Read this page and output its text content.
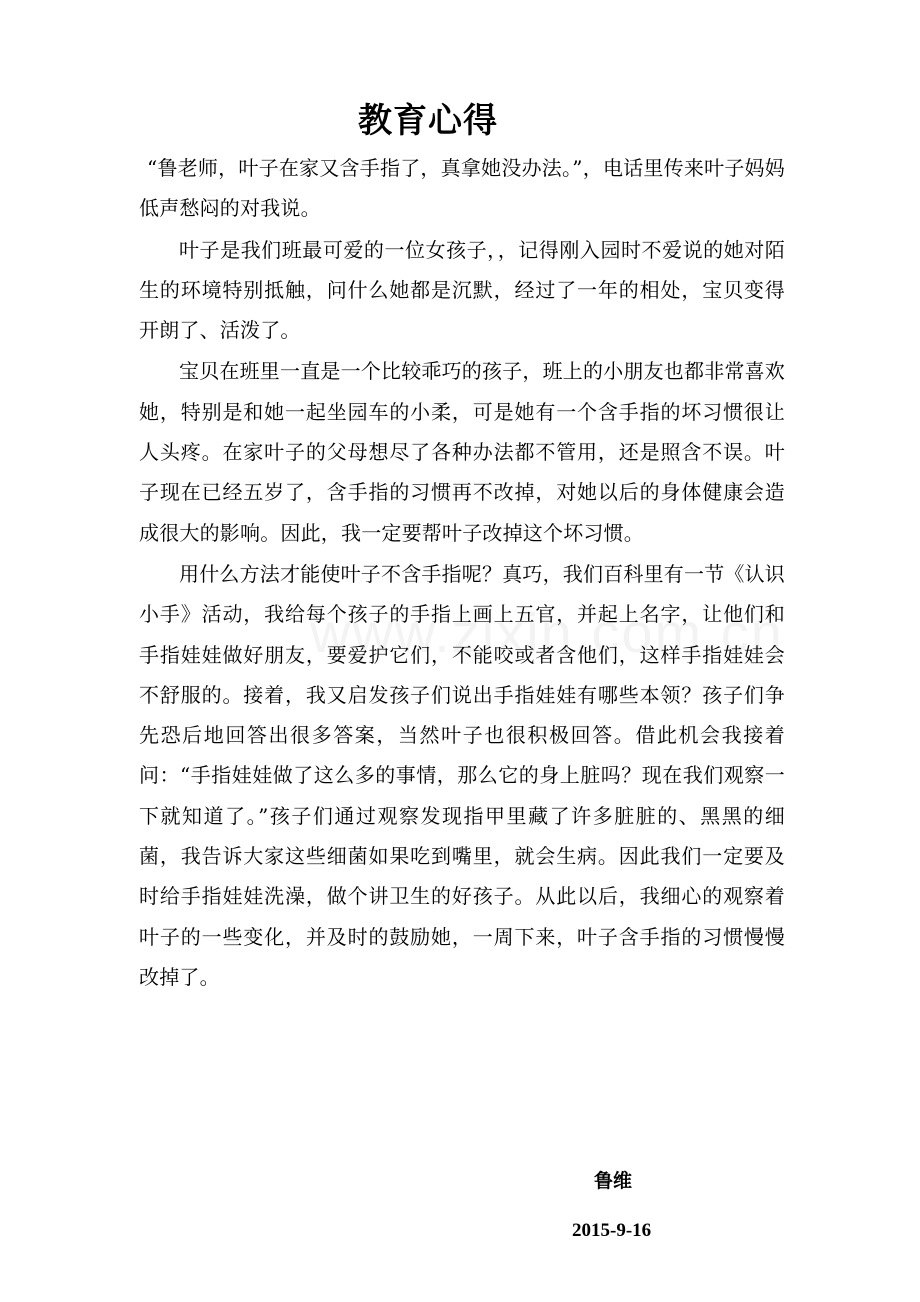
教育心得

“鲁老师，叶子在家又含手指了，真拿她没办法。”，电话里传来叶子妈妈低声愁闷的对我说。

叶子是我们班最可爱的一位女孩子，，记得刚入园时不爱说的她对陌生的环境特别抵触，问什么她都是沉默，经过了一年的相处，宝贝变得开朗了、活泼了。

宝贝在班里一直是一个比较乖巧的孩子，班上的小朋友也都非常喜欢她，特别是和她一起坐园车的小柔，可是她有一个含手指的坏习惯很让人头疼。在家叶子的父母想尽了各种办法都不管用，还是照含不误。叶子现在已经五岁了，含手指的习惯再不改掉，对她以后的身体健康会造成很大的影响。因此，我一定要帮叶子改掉这个坏习惯。

用什么方法才能使叶子不含手指呢？真巧，我们百科里有一节《认识小手》活动，我给每个孩子的手指上画上五官，并起上名字，让他们和手指娃娃做好朋友，要爱护它们，不能咬或者含他们，这样手指娃娃会不舒服的。接着，我又启发孩子们说出手指娃娃有哪些本领？孩子们争先恐后地回答出很多答案，当然叶子也很积极回答。借此机会我接着问：“手指娃娃做了这么多的事情，那么它的身上脏吗？现在我们观察一下就知道了。”孩子们通过观察发现指甲里藏了许多脏脏的、黑黑的细菌，我告诉大家这些细菌如果吃到嘴里，就会生病。因此我们一定要及时给手指娃娃洗澡，做个讲卫生的好孩子。从此以后，我细心的观察着叶子的一些变化，并及时的鼓励她，一周下来，叶子含手指的习惯慢慢改掉了。

鲁维
2015-9-16
